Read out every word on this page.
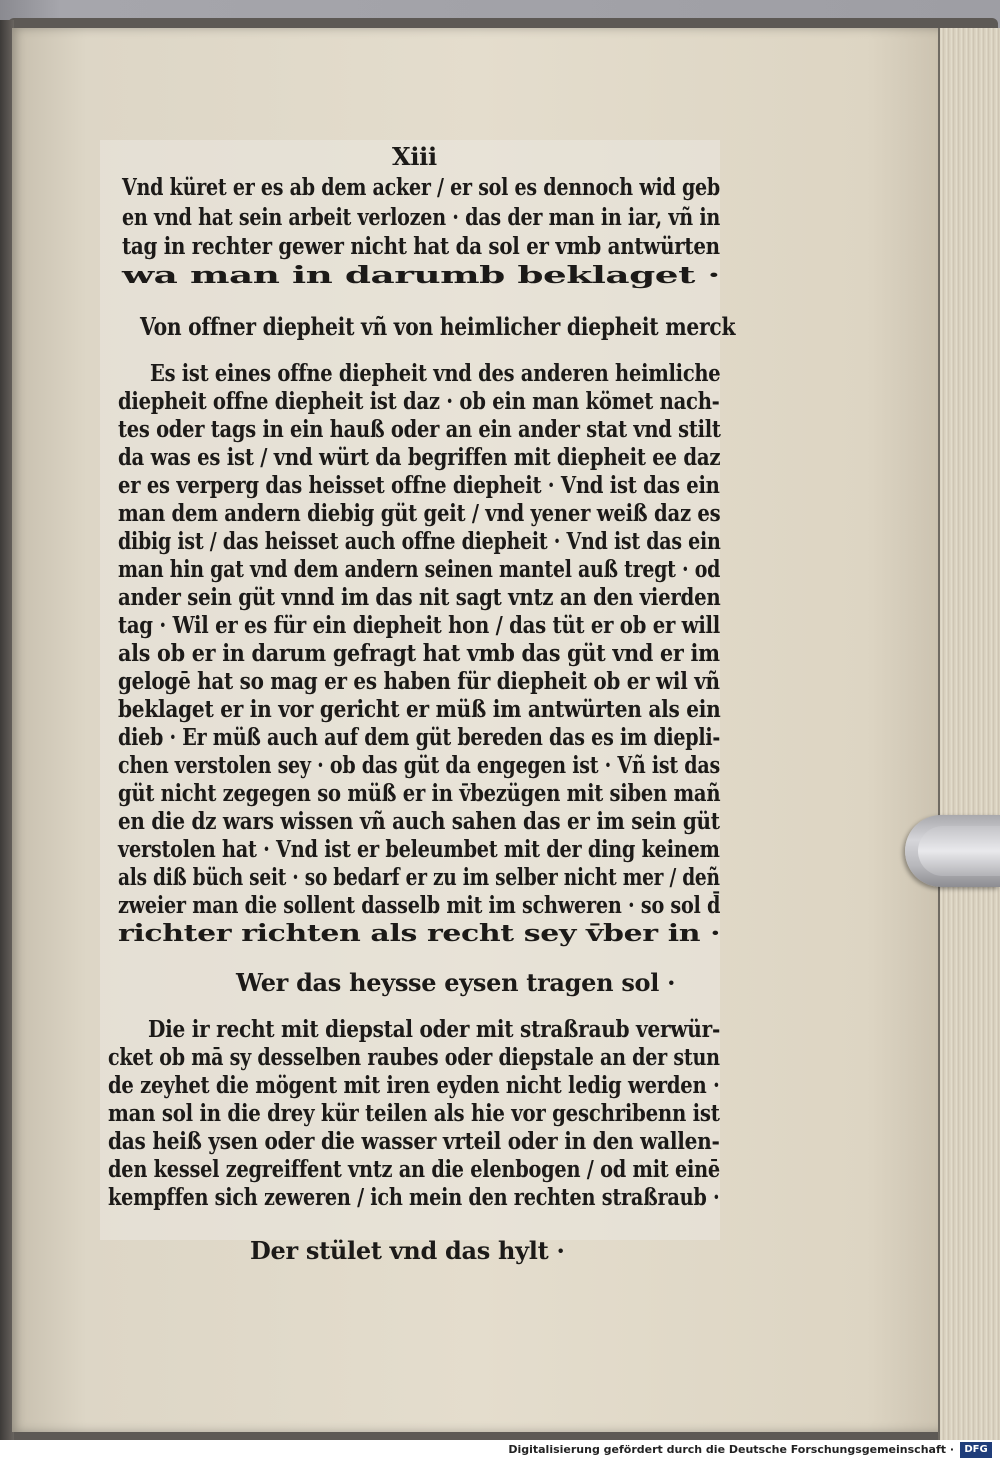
Xiii
Vnd küret er es ab dem acker / er sol es dennoch wid geb
en vnd hat sein arbeit verlozen · das der man in iar, vñ in
tag in rechter gewer nicht hat da sol er vmb antwürten
wa man in darumb beklaget ·
Von offner diepheit vñ von heimlicher diepheit merck
Es ist eines offne diepheit vnd des anderen heimliche
diepheit offne diepheit ist daz · ob ein man kömet nach-
tes oder tags in ein hauß oder an ein ander stat vnd stilt
da was es ist / vnd würt da begriffen mit diepheit ee daz
er es verperg das heisset offne diepheit · Vnd ist das ein
man dem andern diebig güt geit / vnd yener weiß daz es
dibig ist / das heisset auch offne diepheit · Vnd ist das ein
man hin gat vnd dem andern seinen mantel auß tregt · od
ander sein güt vnnd im das nit sagt vntz an den vierden
tag · Wil er es für ein diepheit hon / das tüt er ob er will
als ob er in darum gefragt hat vmb das güt vnd er im
gelogē hat so mag er es haben für diepheit ob er wil vñ
beklaget er in vor gericht er müß im antwürten als ein
dieb · Er müß auch auf dem güt bereden das es im diepli-
chen verstolen sey · ob das güt da engegen ist · Vñ ist das
güt nicht zegegen so müß er in v̄bezügen mit siben mañ
en die dz wars wissen vñ auch sahen das er im sein güt
verstolen hat · Vnd ist er beleumbet mit der ding keinem
als diß büch seit · so bedarf er zu im selber nicht mer / deñ
zweier man die sollent dasselb mit im schweren · so sol d̄
richter richten als recht sey v̄ber in ·
Wer das heysse eysen tragen sol ·
Die ir recht mit diepstal oder mit straßraub verwür-
cket ob mā sy desselben raubes oder diepstale an der stun
de zeyhet die mögent mit iren eyden nicht ledig werden ·
man sol in die drey kür teilen als hie vor geschribenn ist
das heiß ysen oder die wasser vrteil oder in den wallen-
den kessel zegreiffent vntz an die elenbogen / od mit einē
kempffen sich zeweren / ich mein den rechten straßraub ·
Der stület vnd das hylt ·
Digitalisierung gefördert durch die Deutsche Forschungsgemeinschaft ·	DFG
